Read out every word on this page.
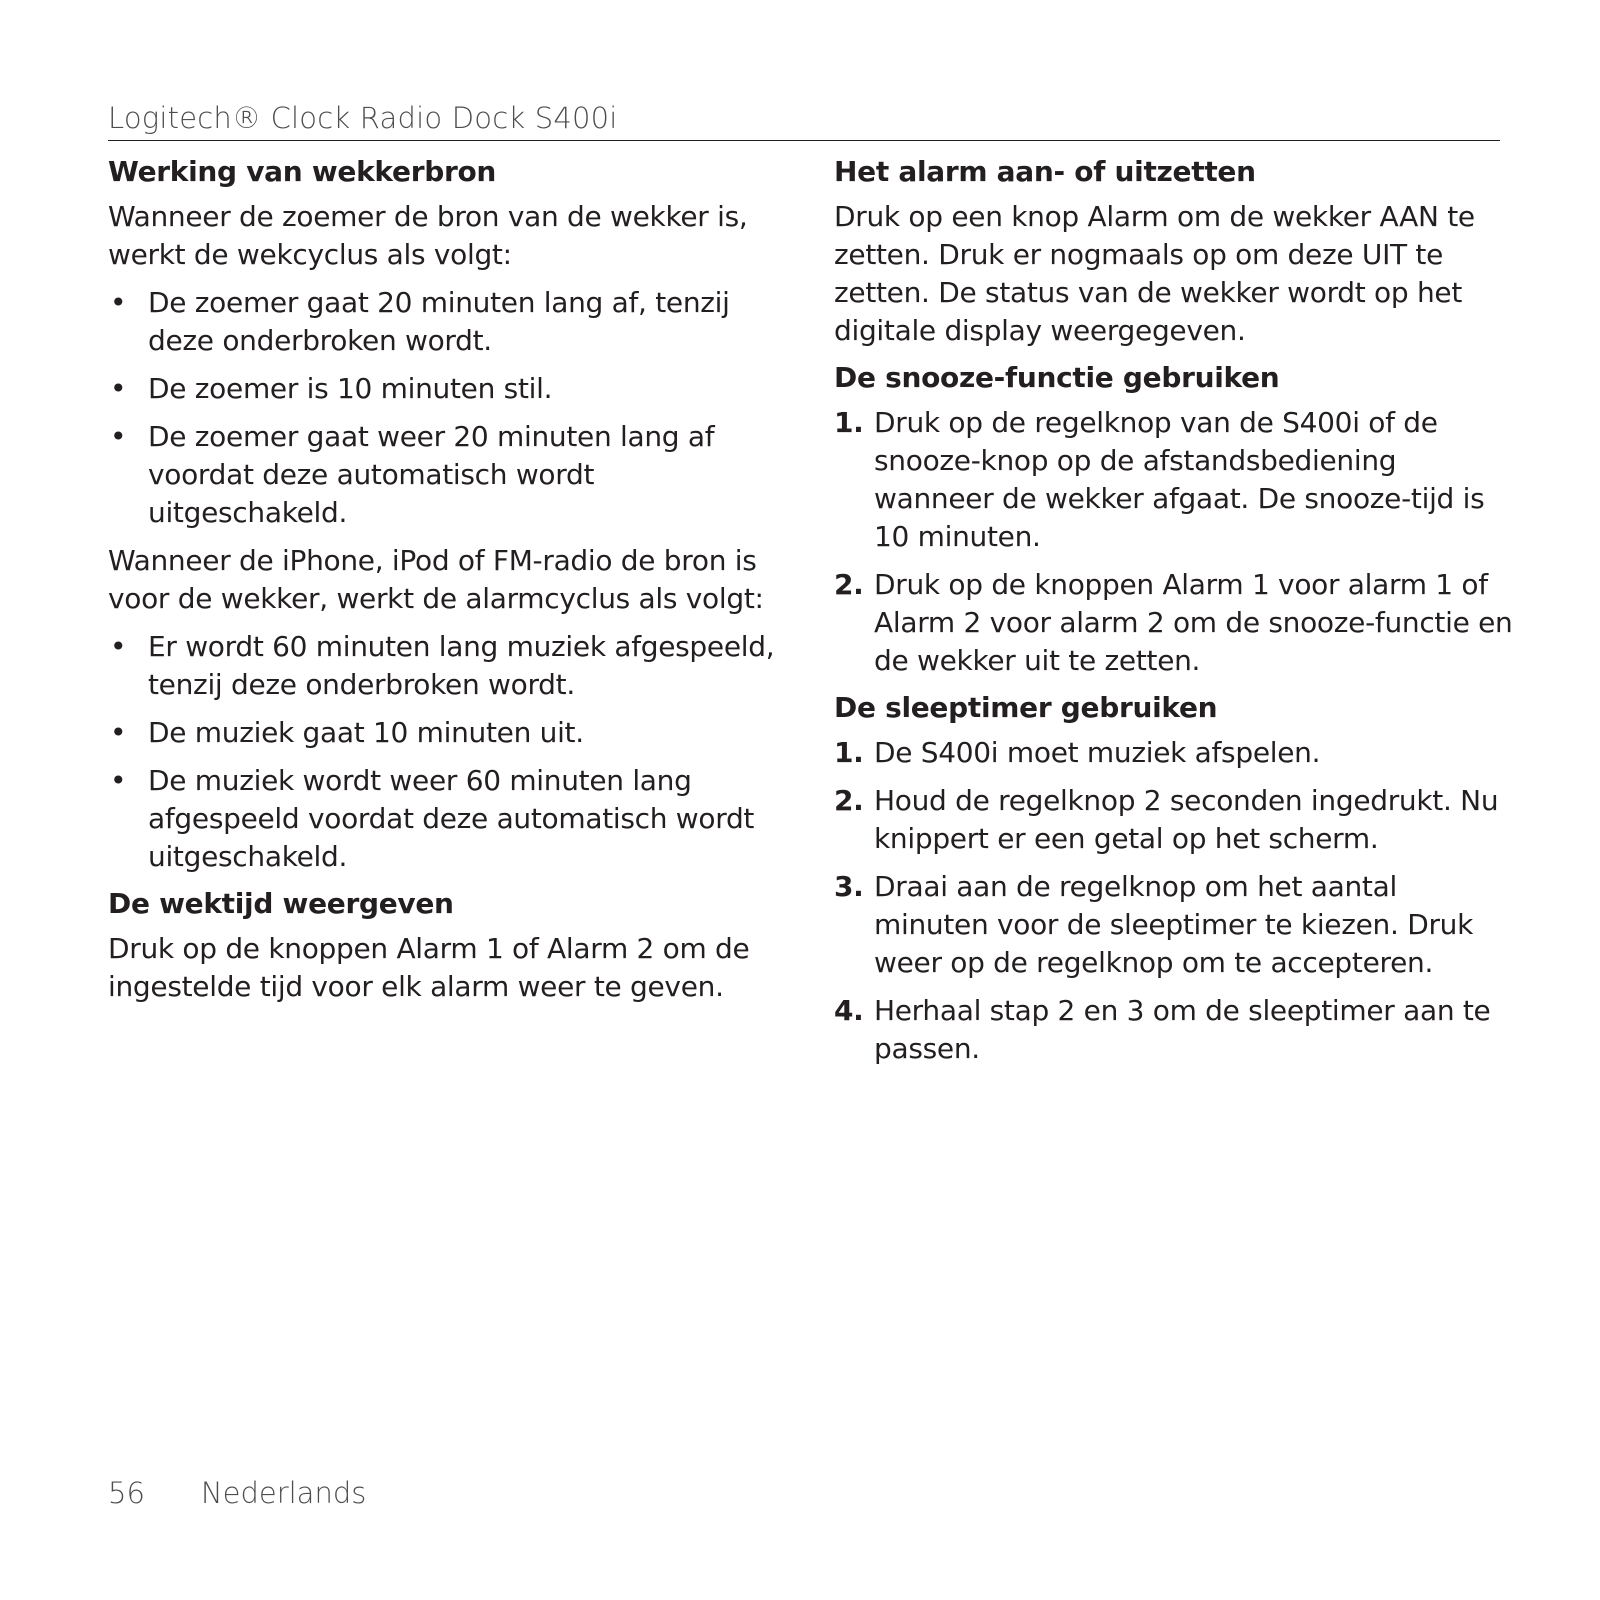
Logitech® Clock Radio Dock S400i
Werking van wekkerbron

Wanneer de zoemer de bron van de wekker is, werkt de wekcyclus als volgt:

• De zoemer gaat 20 minuten lang af, tenzij deze onderbroken wordt.
• De zoemer is 10 minuten stil.
• De zoemer gaat weer 20 minuten lang af voordat deze automatisch wordt uitgeschakeld.

Wanneer de iPhone, iPod of FM-radio de bron is voor de wekker, werkt de alarmcyclus als volgt:

• Er wordt 60 minuten lang muziek afgespeeld, tenzij deze onderbroken wordt.
• De muziek gaat 10 minuten uit.
• De muziek wordt weer 60 minuten lang afgespeeld voordat deze automatisch wordt uitgeschakeld.
De wektijd weergeven

Druk op de knoppen Alarm 1 of Alarm 2 om de ingestelde tijd voor elk alarm weer te geven.

Het alarm aan- of uitzetten

Druk op een knop Alarm om de wekker AAN te zetten. Druk er nogmaals op om deze UIT te zetten. De status van de wekker wordt op het digitale display weergegeven.

De snooze-functie gebruiken
1. Druk op de regelknop van de S400i of de snooze-knop op de afstandsbediening wanneer de wekker afgaat. De snooze-tijd is 10 minuten.
2. Druk op de knoppen Alarm 1 voor alarm 1 of Alarm 2 voor alarm 2 om de snooze-functie en de wekker uit te zetten.
De sleeptimer gebruiken
1. De S400i moet muziek afspelen.
2. Houd de regelknop 2 seconden ingedrukt. Nu knippert er een getal op het scherm.
3. Draai aan de regelknop om het aantal minuten voor de sleeptimer te kiezen. Druk weer op de regelknop om te accepteren.
4. Herhaal stap 2 en 3 om de sleeptimer aan te passen.
56 Nederlands
